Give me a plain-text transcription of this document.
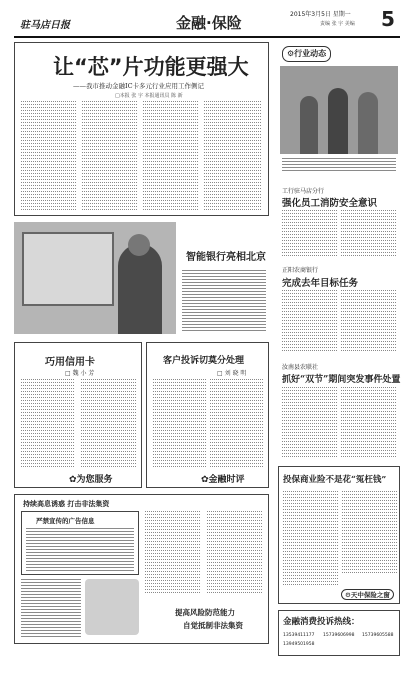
驻马店日报	金融·保险	2015年3月5日 星期一
责编 张 宇 美编 5
让“芯”片功能更强大
——我市推动金融IC卡多元行业应用工作侧记
□本报 张 宇 本报通讯员 陈 新
⚙行业动态
工行驻马店分行
强化员工消防安全意识
正阳农商银行
完成去年目标任务
汝南县农联社
抓好“双节”期间突发事件处置
智能银行亮相北京
巧用信用卡
□ 魏 小 芳
✿为您服务
客户投诉切莫分处理
□ 刘 晓 明
✿金融时评	投保商业险不是花“冤枉钱”
⚙天中保险之窗
持续高息诱惑 打击非法集资
严禁宣传的广告信息
提高风险防范能力
自觉抵制非法集资	金融消费投诉热线：
13539411177 15739606998 15739605588
13949501958
